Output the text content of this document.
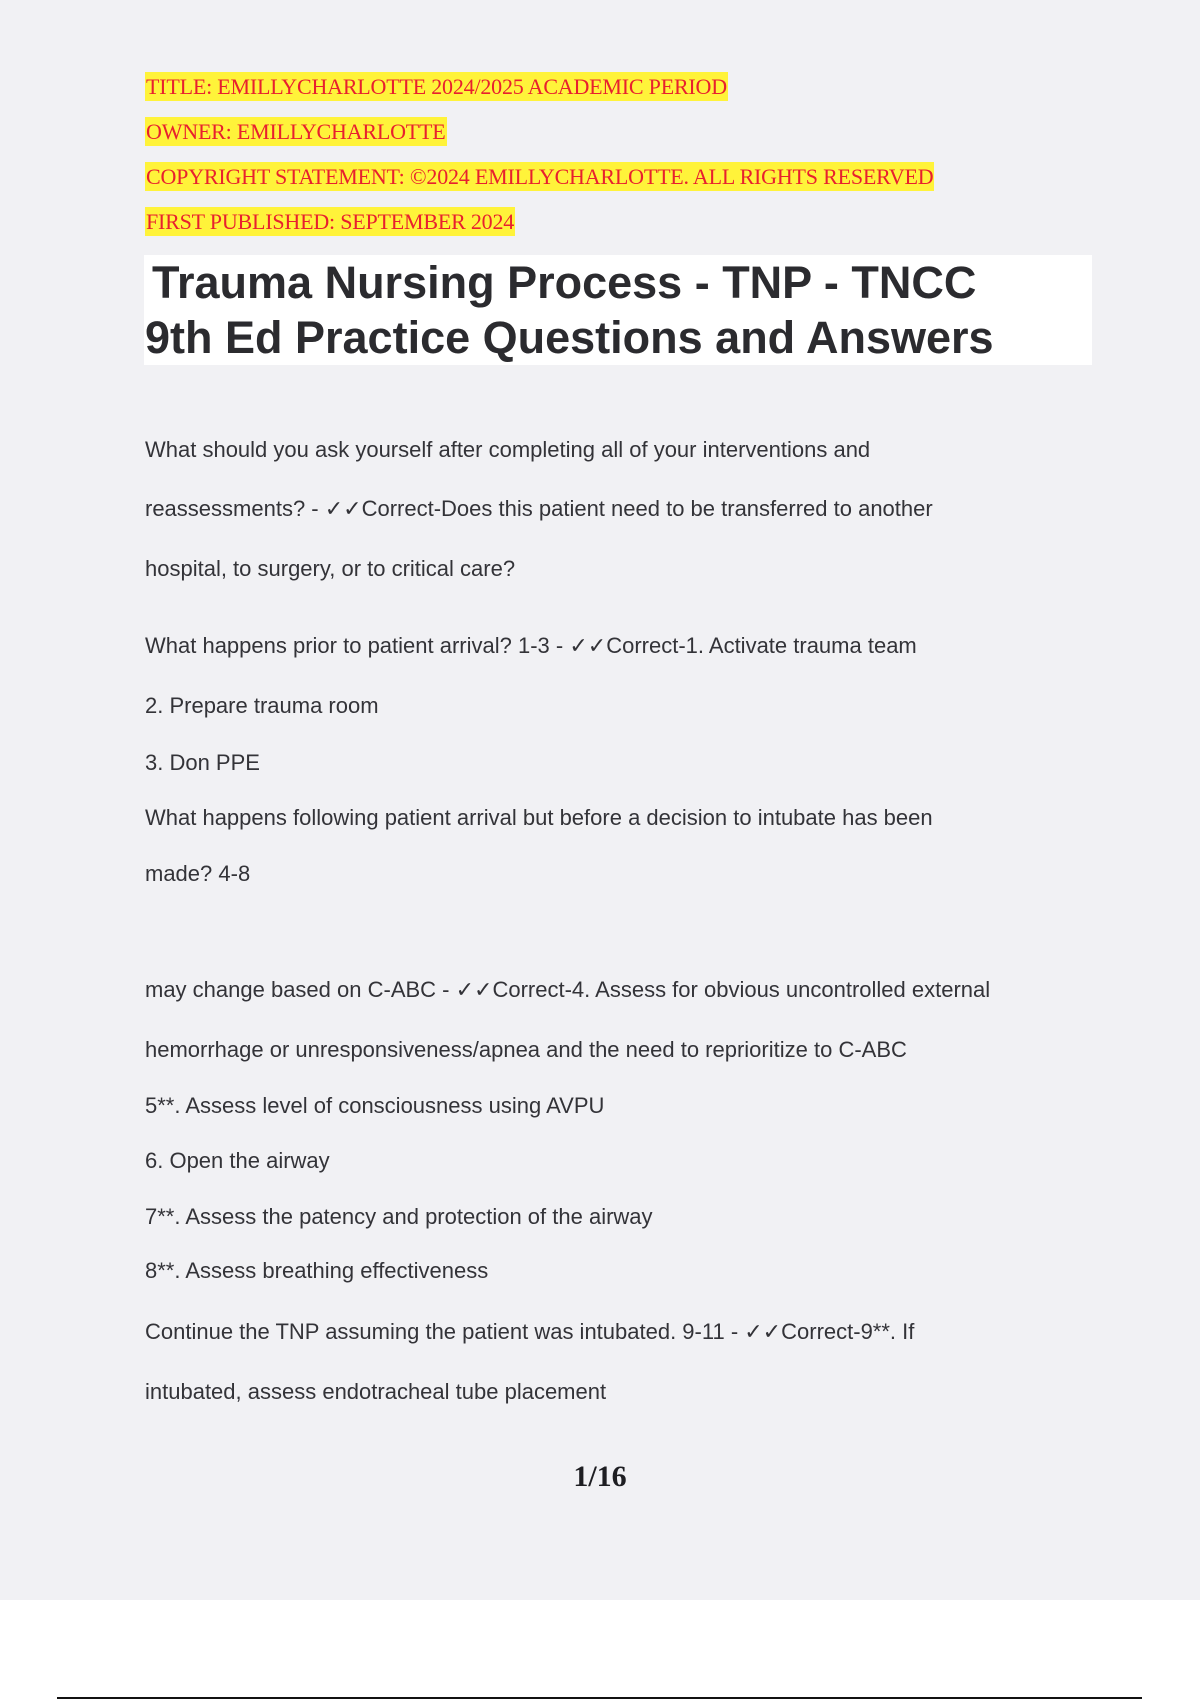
TITLE: EMILLYCHARLOTTE 2024/2025 ACADEMIC PERIOD
OWNER: EMILLYCHARLOTTE
COPYRIGHT STATEMENT: ©2024 EMILLYCHARLOTTE. ALL RIGHTS RESERVED
FIRST PUBLISHED: SEPTEMBER 2024
Trauma Nursing Process - TNP - TNCC
9th Ed Practice Questions and Answers
What should you ask yourself after completing all of your interventions and
reassessments? - ✓✓Correct-Does this patient need to be transferred to another
hospital, to surgery, or to critical care?
What happens prior to patient arrival? 1-3 - ✓✓Correct-1. Activate trauma team
2. Prepare trauma room
3. Don PPE
What happens following patient arrival but before a decision to intubate has been
made? 4-8
may change based on C-ABC - ✓✓Correct-4. Assess for obvious uncontrolled external
hemorrhage or unresponsiveness/apnea and the need to reprioritize to C-ABC
5**. Assess level of consciousness using AVPU
6. Open the airway
7**. Assess the patency and protection of the airway
8**. Assess breathing effectiveness
Continue the TNP assuming the patient was intubated. 9-11 - ✓✓Correct-9**. If
intubated, assess endotracheal tube placement
1/16
